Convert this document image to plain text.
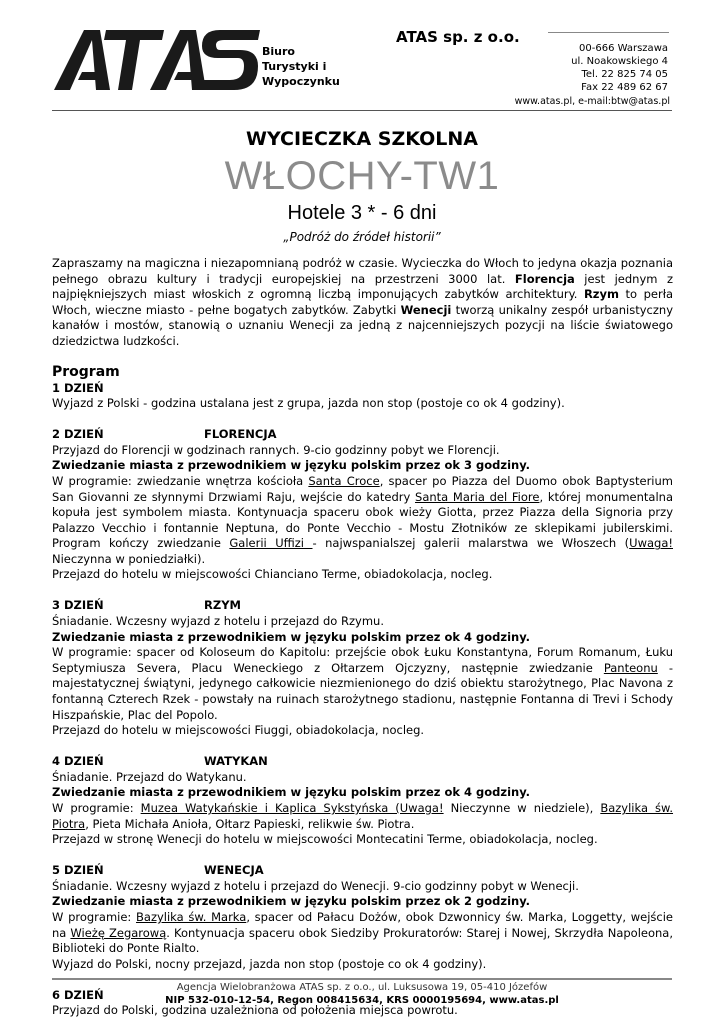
Biuro
Turystyki i
Wypoczynku
ATAS sp. z o.o.
00-666 Warszawa
ul. Noakowskiego 4
Tel. 22 825 74 05
Fax 22 489 62 67
www.atas.pl, e-mail:btw@atas.pl
WYCIECZKA SZKOLNA
WŁOCHY-TW1
Hotele 3 * - 6 dni
„Podróż do źródeł historii”

Zapraszamy na magiczna i niezapomnianą podróż w czasie. Wycieczka do Włoch to jedyna okazja poznania pełnego obrazu kultury i tradycji europejskiej na przestrzeni 3000 lat. Florencja jest jednym z najpiękniejszych miast włoskich z ogromną liczbą imponujących zabytków architektury. Rzym to perła Włoch, wieczne miasto - pełne bogatych zabytków. Zabytki Wenecji tworzą unikalny zespół urbanistyczny kanałów i mostów, stanowią o uznaniu Wenecji za jedną z najcenniejszych pozycji na liście światowego dziedzictwa ludzkości.

Program

1 DZIEŃ

Wyjazd z Polski - godzina ustalana jest z grupa, jazda non stop (postoje co ok 4 godziny).

2 DZIEŃ	FLORENCJA

Przyjazd do Florencji w godzinach rannych. 9-cio godzinny pobyt we Florencji.

Zwiedzanie miasta z przewodnikiem w języku polskim przez ok 3 godziny.

W programie: zwiedzanie wnętrza kościoła Santa Croce, spacer po Piazza del Duomo obok Baptysterium San Giovanni ze słynnymi Drzwiami Raju, wejście do katedry Santa Maria del Fiore, której monumentalna kopuła jest symbolem miasta. Kontynuacja spaceru obok wieży Giotta, przez Piazza della Signoria przy Palazzo Vecchio i fontannie Neptuna, do Ponte Vecchio - Mostu Złotników ze sklepikami jubilerskimi. Program kończy zwiedzanie Galerii Uffizi - najwspanialszej galerii malarstwa we Włoszech (Uwaga! Nieczynna w poniedziałki).

Przejazd do hotelu w miejscowości Chianciano Terme, obiadokolacja, nocleg.

3 DZIEŃ	RZYM

Śniadanie. Wczesny wyjazd z hotelu i przejazd do Rzymu.

Zwiedzanie miasta z przewodnikiem w języku polskim przez ok 4 godziny.

W programie: spacer od Koloseum do Kapitolu: przejście obok Łuku Konstantyna, Forum Romanum, Łuku Septymiusza Severa, Placu Weneckiego z Ołtarzem Ojczyzny, następnie zwiedzanie Panteonu - majestatycznej świątyni, jedynego całkowicie niezmienionego do dziś obiektu starożytnego, Plac Navona z fontanną Czterech Rzek - powstały na ruinach starożytnego stadionu, następnie Fontanna di Trevi i Schody Hiszpańskie, Plac del Popolo.

Przejazd do hotelu w miejscowości Fiuggi, obiadokolacja, nocleg.

4 DZIEŃ	WATYKAN

Śniadanie. Przejazd do Watykanu.

Zwiedzanie miasta z przewodnikiem w języku polskim przez ok 4 godziny.

W programie: Muzea Watykańskie i Kaplica Sykstyńska (Uwaga! Nieczynne w niedziele), Bazylika św. Piotra, Pieta Michała Anioła, Ołtarz Papieski, relikwie św. Piotra.

Przejazd w stronę Wenecji do hotelu w miejscowości Montecatini Terme, obiadokolacja, nocleg.

5 DZIEŃ	WENECJA

Śniadanie. Wczesny wyjazd z hotelu i przejazd do Wenecji. 9-cio godzinny pobyt w Wenecji.

Zwiedzanie miasta z przewodnikiem w języku polskim przez ok 2 godziny.

W programie: Bazylika św. Marka, spacer od Pałacu Dożów, obok Dzwonnicy św. Marka, Loggetty, wejście na Wieżę Zegarową. Kontynuacja spaceru obok Siedziby Prokuratorów: Starej i Nowej, Skrzydła Napoleona, Biblioteki do Ponte Rialto.

Wyjazd do Polski, nocny przejazd, jazda non stop (postoje co ok 4 godziny).

6 DZIEŃ

Przyjazd do Polski, godzina uzależniona od położenia miejsca powrotu.

Agencja Wielobranżowa ATAS sp. z o.o., ul. Luksusowa 19, 05-410 Józefów
NIP 532-010-12-54, Regon 008415634, KRS 0000195694, www.atas.pl
